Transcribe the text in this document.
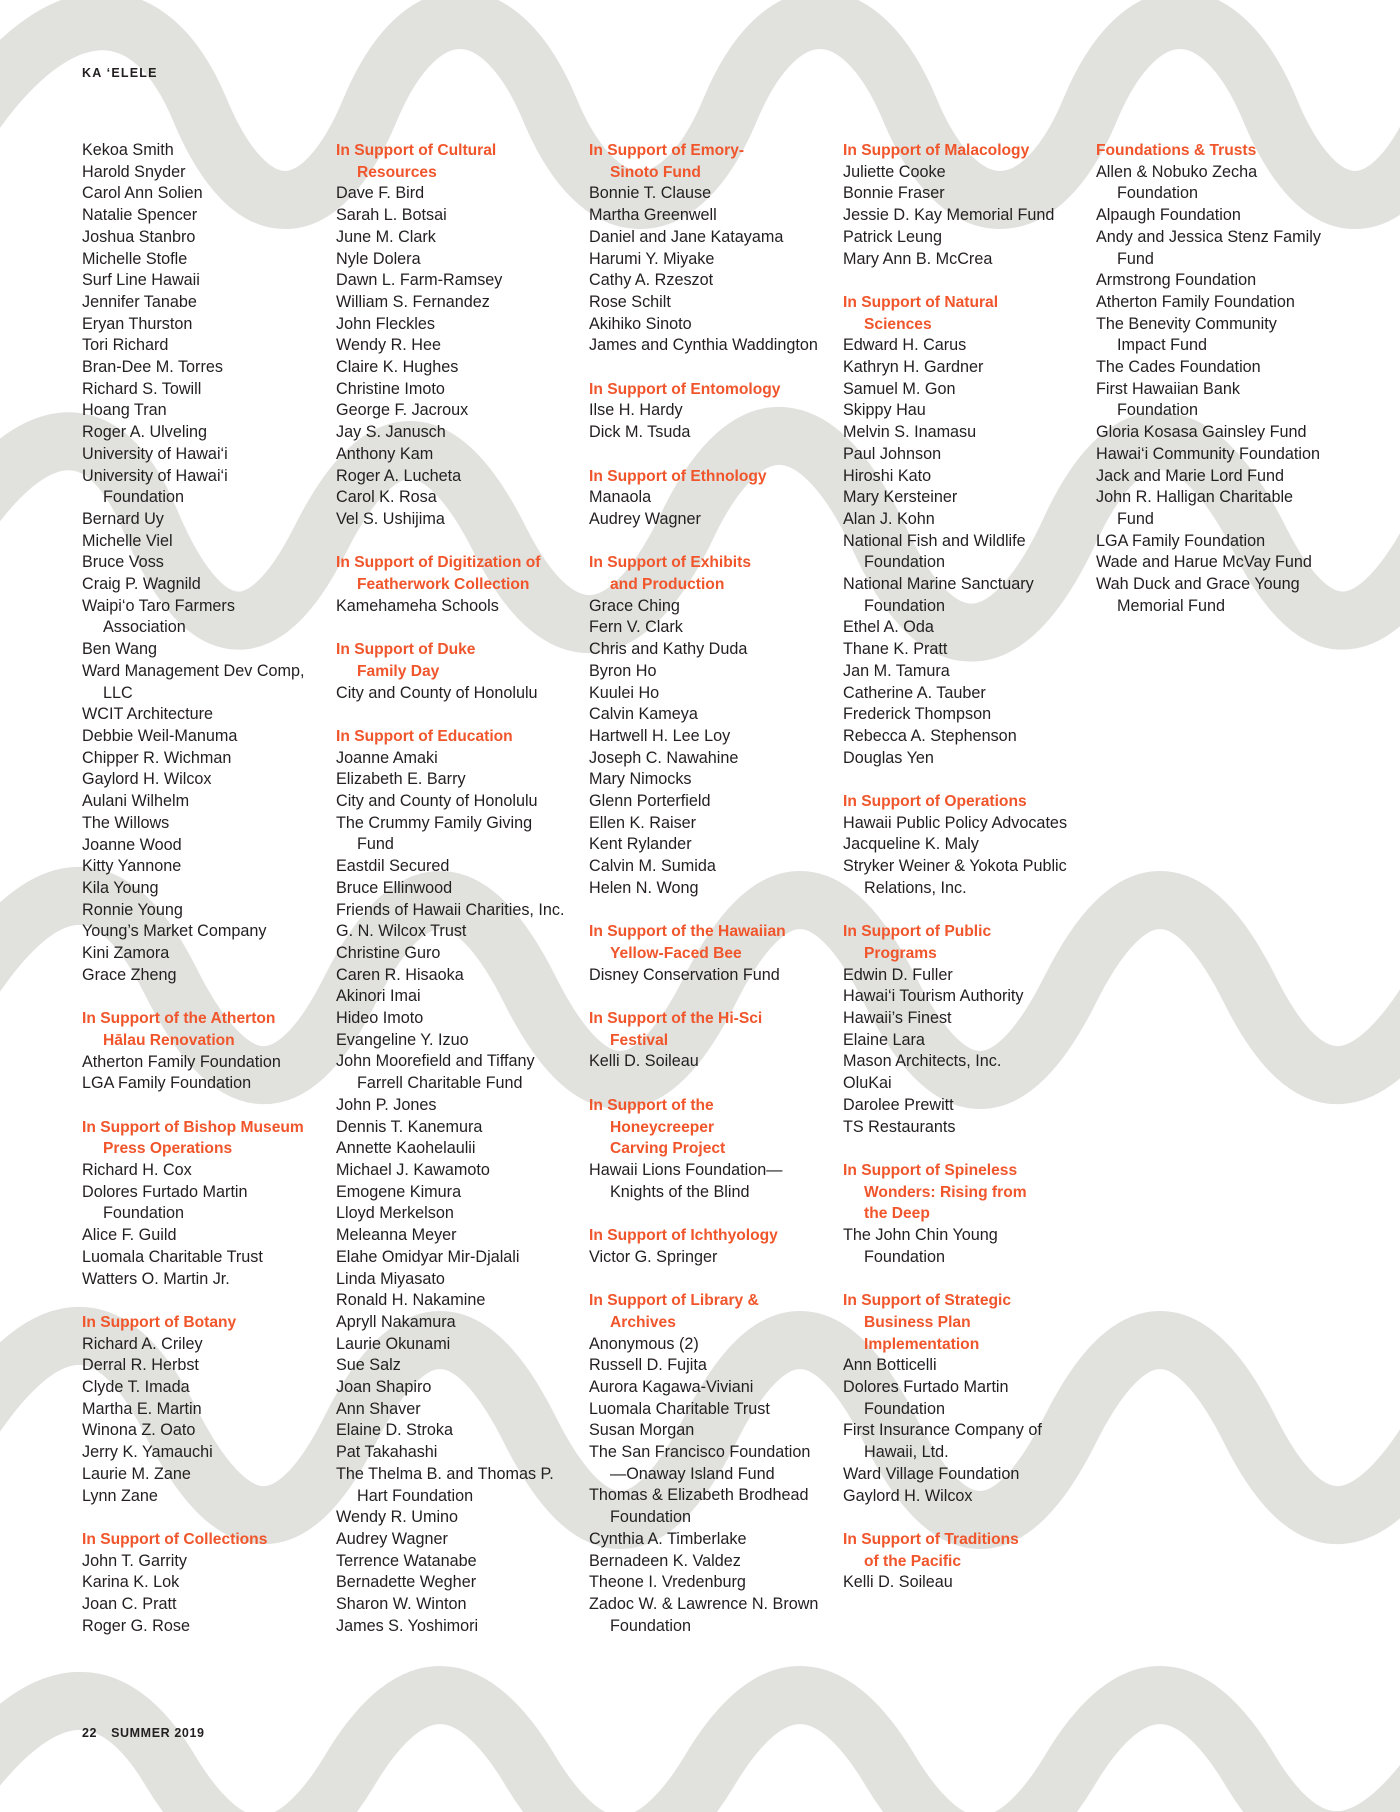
KA ‘ELELE
Kekoa Smith
Harold Snyder
Carol Ann Solien
Natalie Spencer
Joshua Stanbro
Michelle Stofle
Surf Line Hawaii
Jennifer Tanabe
Eryan Thurston
Tori Richard
Bran-Dee M. Torres
Richard S. Towill
Hoang Tran
Roger A. Ulveling
University of Hawai‘i
University of Hawai‘i
Foundation
Bernard Uy
Michelle Viel
Bruce Voss
Craig P. Wagnild
Waipi‘o Taro Farmers
Association
Ben Wang
Ward Management Dev Comp,
LLC
WCIT Architecture
Debbie Weil-Manuma
Chipper R. Wichman
Gaylord H. Wilcox
Aulani Wilhelm
The Willows
Joanne Wood
Kitty Yannone
Kila Young
Ronnie Young
Young’s Market Company
Kini Zamora
Grace Zheng
In Support of the Atherton
Hālau Renovation
Atherton Family Foundation
LGA Family Foundation
In Support of Bishop Museum
Press Operations
Richard H. Cox
Dolores Furtado Martin
Foundation
Alice F. Guild
Luomala Charitable Trust
Watters O. Martin Jr.
In Support of Botany
Richard A. Criley
Derral R. Herbst
Clyde T. Imada
Martha E. Martin
Winona Z. Oato
Jerry K. Yamauchi
Laurie M. Zane
Lynn Zane
In Support of Collections
John T. Garrity
Karina K. Lok
Joan C. Pratt
Roger G. Rose
In Support of Cultural
Resources
Dave F. Bird
Sarah L. Botsai
June M. Clark
Nyle Dolera
Dawn L. Farm-Ramsey
William S. Fernandez
John Fleckles
Wendy R. Hee
Claire K. Hughes
Christine Imoto
George F. Jacroux
Jay S. Janusch
Anthony Kam
Roger A. Lucheta
Carol K. Rosa
Vel S. Ushijima
In Support of Digitization of
Featherwork Collection
Kamehameha Schools
In Support of Duke
Family Day
City and County of Honolulu
In Support of Education
Joanne Amaki
Elizabeth E. Barry
City and County of Honolulu
The Crummy Family Giving
Fund
Eastdil Secured
Bruce Ellinwood
Friends of Hawaii Charities, Inc.
G. N. Wilcox Trust
Christine Guro
Caren R. Hisaoka
Akinori Imai
Hideo Imoto
Evangeline Y. Izuo
John Moorefield and Tiffany
Farrell Charitable Fund
John P. Jones
Dennis T. Kanemura
Annette Kaohelaulii
Michael J. Kawamoto
Emogene Kimura
Lloyd Merkelson
Meleanna Meyer
Elahe Omidyar Mir-Djalali
Linda Miyasato
Ronald H. Nakamine
Apryll Nakamura
Laurie Okunami
Sue Salz
Joan Shapiro
Ann Shaver
Elaine D. Stroka
Pat Takahashi
The Thelma B. and Thomas P.
Hart Foundation
Wendy R. Umino
Audrey Wagner
Terrence Watanabe
Bernadette Wegher
Sharon W. Winton
James S. Yoshimori
In Support of Emory-
Sinoto Fund
Bonnie T. Clause
Martha Greenwell
Daniel and Jane Katayama
Harumi Y. Miyake
Cathy A. Rzeszot
Rose Schilt
Akihiko Sinoto
James and Cynthia Waddington
In Support of Entomology
Ilse H. Hardy
Dick M. Tsuda
In Support of Ethnology
Manaola
Audrey Wagner
In Support of Exhibits
and Production
Grace Ching
Fern V. Clark
Chris and Kathy Duda
Byron Ho
Kuulei Ho
Calvin Kameya
Hartwell H. Lee Loy
Joseph C. Nawahine
Mary Nimocks
Glenn Porterfield
Ellen K. Raiser
Kent Rylander
Calvin M. Sumida
Helen N. Wong
In Support of the Hawaiian
Yellow-Faced Bee
Disney Conservation Fund
In Support of the Hi-Sci
Festival
Kelli D. Soileau
In Support of the
Honeycreeper
Carving Project
Hawaii Lions Foundation—
Knights of the Blind
In Support of Ichthyology
Victor G. Springer
In Support of Library &
Archives
Anonymous (2)
Russell D. Fujita
Aurora Kagawa-Viviani
Luomala Charitable Trust
Susan Morgan
The San Francisco Foundation
—Onaway Island Fund
Thomas & Elizabeth Brodhead
Foundation
Cynthia A. Timberlake
Bernadeen K. Valdez
Theone I. Vredenburg
Zadoc W. & Lawrence N. Brown
Foundation
In Support of Malacology
Juliette Cooke
Bonnie Fraser
Jessie D. Kay Memorial Fund
Patrick Leung
Mary Ann B. McCrea
In Support of Natural
Sciences
Edward H. Carus
Kathryn H. Gardner
Samuel M. Gon
Skippy Hau
Melvin S. Inamasu
Paul Johnson
Hiroshi Kato
Mary Kersteiner
Alan J. Kohn
National Fish and Wildlife
Foundation
National Marine Sanctuary
Foundation
Ethel A. Oda
Thane K. Pratt
Jan M. Tamura
Catherine A. Tauber
Frederick Thompson
Rebecca A. Stephenson
Douglas Yen
In Support of Operations
Hawaii Public Policy Advocates
Jacqueline K. Maly
Stryker Weiner & Yokota Public
Relations, Inc.
In Support of Public
Programs
Edwin D. Fuller
Hawai‘i Tourism Authority
Hawaii’s Finest
Elaine Lara
Mason Architects, Inc.
OluKai
Darolee Prewitt
TS Restaurants
In Support of Spineless
Wonders: Rising from
the Deep
The John Chin Young
Foundation
In Support of Strategic
Business Plan
Implementation
Ann Botticelli
Dolores Furtado Martin
Foundation
First Insurance Company of
Hawaii, Ltd.
Ward Village Foundation
Gaylord H. Wilcox
In Support of Traditions
of the Pacific
Kelli D. Soileau
Foundations & Trusts
Allen & Nobuko Zecha
Foundation
Alpaugh Foundation
Andy and Jessica Stenz Family
Fund
Armstrong Foundation
Atherton Family Foundation
The Benevity Community
Impact Fund
The Cades Foundation
First Hawaiian Bank
Foundation
Gloria Kosasa Gainsley Fund
Hawai‘i Community Foundation
Jack and Marie Lord Fund
John R. Halligan Charitable
Fund
LGA Family Foundation
Wade and Harue McVay Fund
Wah Duck and Grace Young
Memorial Fund
22 SUMMER 2019
